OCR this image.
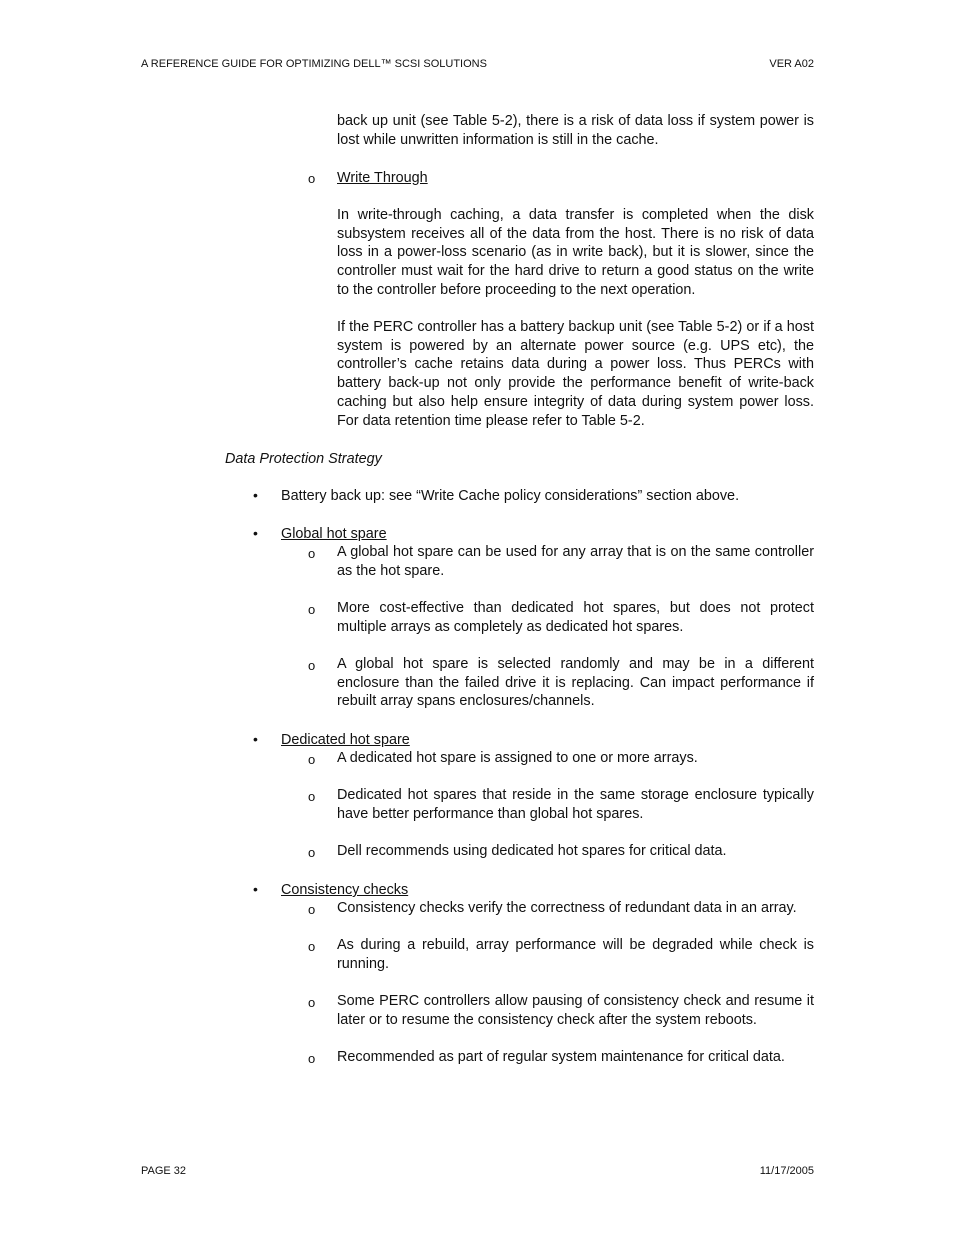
A REFERENCE GUIDE FOR OPTIMIZING DELL™ SCSI SOLUTIONS	VER A02

back up unit (see Table 5-2), there is a risk of data loss if system power is lost while unwritten information is still in the cache.

o	Write Through

In write-through caching, a data transfer is completed when the disk subsystem receives all of the data from the host. There is no risk of data loss in a power-loss scenario (as in write back), but it is slower, since the controller must wait for the hard drive to return a good status on the write to the controller before proceeding to the next operation.

If the PERC controller has a battery backup unit (see Table 5-2) or if a host system is powered by an alternate power source (e.g. UPS etc), the controller’s cache retains data during a power loss. Thus PERCs with battery back-up not only provide the performance benefit of write-back caching but also help ensure integrity of data during system power loss. For data retention time please refer to Table 5-2.

Data Protection Strategy
•	Battery back up: see “Write Cache policy considerations” section above.
•	Global hot spare
o	A global hot spare can be used for any array that is on the same controller as the hot spare.

o	More cost-effective than dedicated hot spares, but does not protect multiple arrays as completely as dedicated hot spares.

o	A global hot spare is selected randomly and may be in a different enclosure than the failed drive it is replacing. Can impact performance if rebuilt array spans enclosures/channels.

•	Dedicated hot spare
o	A dedicated hot spare is assigned to one or more arrays.

o	Dedicated hot spares that reside in the same storage enclosure typically have better performance than global hot spares.

o	Dell recommends using dedicated hot spares for critical data.

•	Consistency checks
o	Consistency checks verify the correctness of redundant data in an array.

o	As during a rebuild, array performance will be degraded while check is running.

o	Some PERC controllers allow pausing of consistency check and resume it later or to resume the consistency check after the system reboots.

o	Recommended as part of regular system maintenance for critical data.

PAGE 32	11/17/2005
